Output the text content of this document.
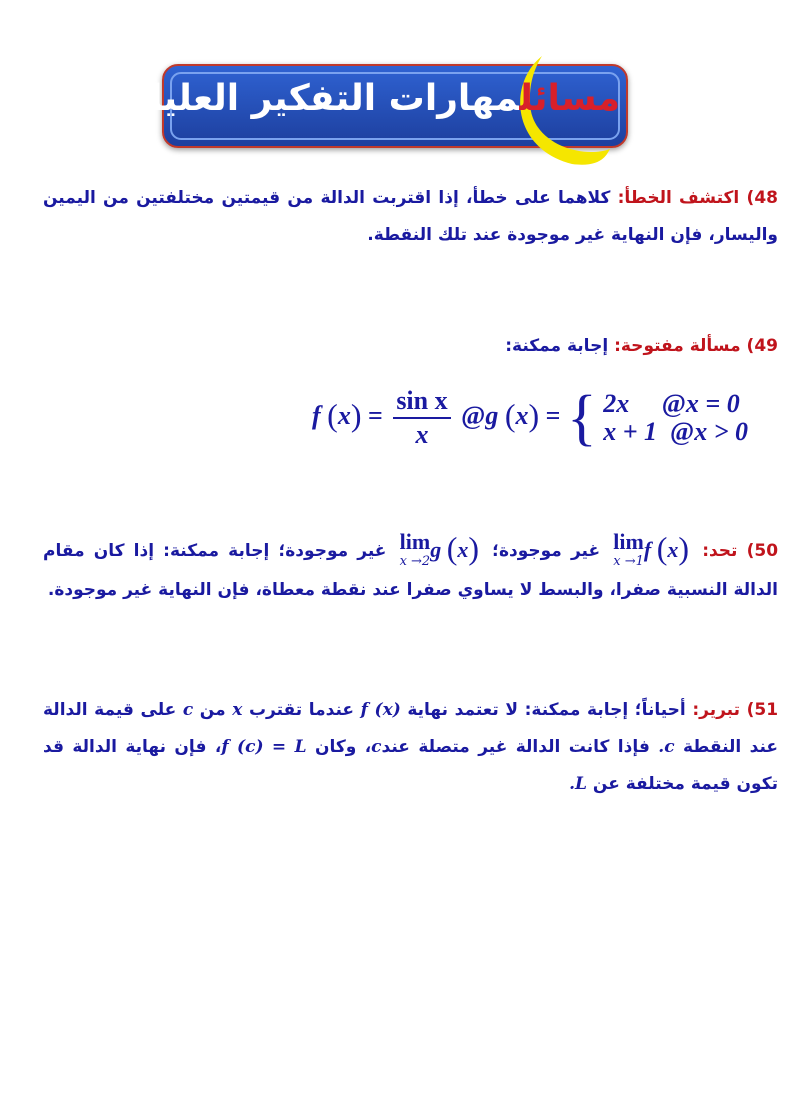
مسائلمهارات التفكير العليا:
48) اكتشف الخطأ: كلاهما على خطأ، إذا اقتربت الدالة من قيمتين مختلفتين من اليمين واليسار، فإن النهاية غير موجودة عند تلك النقطة.
49) مسألة مفتوحة: إجابة ممكنة:
f $(x) = \frac{\text{sin x}}{x}$ @g (x) = { 2x @x = 0
x + 1 @x > 0
50) تحد: lim
x →1 f (x) غير موجودة؛ lim
x →2 g (x) غير موجودة؛ إجابة ممكنة: إذا كان مقام الدالة النسبية صفرا، والبسط لا يساوي صفرا عند نقطة معطاة، فإن النهاية غير موجودة.
51) تبرير: أحياناً؛ إجابة ممكنة: لا تعتمد نهاية f (x) عندما تقترب x من c على قيمة الدالة عند النقطة c. فإذا كانت الدالة غير متصلة عندc، وكان f (c) = L، فإن نهاية الدالة قد تكون قيمة مختلفة عن L.
